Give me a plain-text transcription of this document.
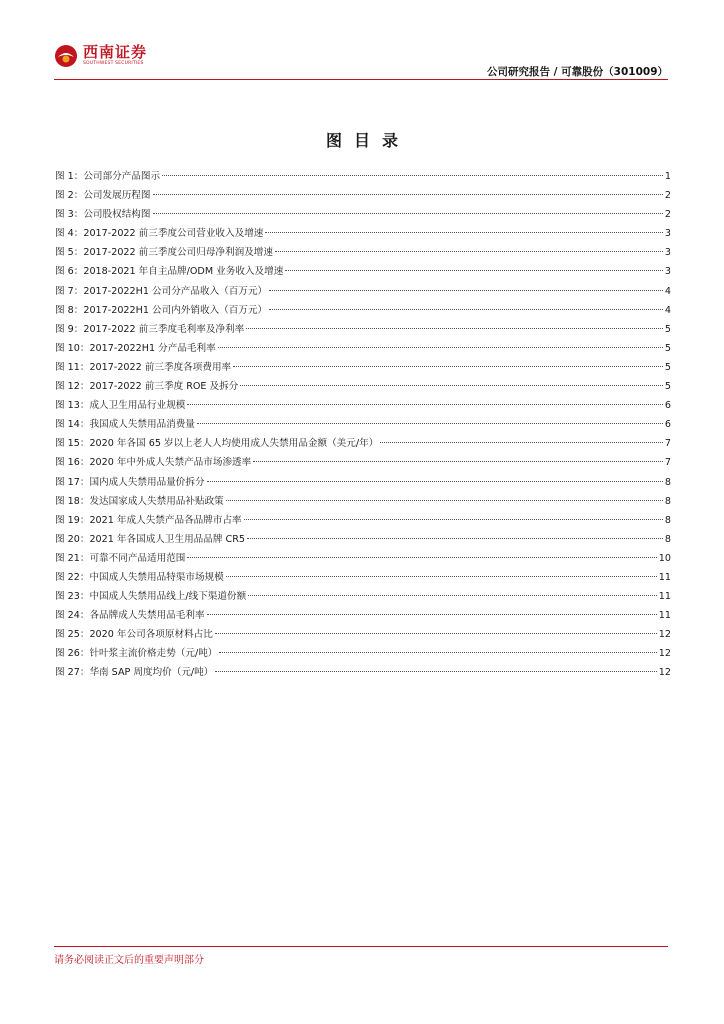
西南证券
SOUTHWEST SECURITIES
公司研究报告 / 可靠股份（301009）
图目录
图 1：公司部分产品图示	1
图 2：公司发展历程图	2
图 3：公司股权结构图	2
图 4：2017-2022 前三季度公司营业收入及增速	3
图 5：2017-2022 前三季度公司归母净利润及增速	3
图 6：2018-2021 年自主品牌/ODM 业务收入及增速	3
图 7：2017-2022H1 公司分产品收入（百万元）	4
图 8：2017-2022H1 公司内外销收入（百万元）	4
图 9：2017-2022 前三季度毛利率及净利率	5
图 10：2017-2022H1 分产品毛利率	5
图 11：2017-2022 前三季度各项费用率	5
图 12：2017-2022 前三季度 ROE 及拆分	5
图 13：成人卫生用品行业规模	6
图 14：我国成人失禁用品消费量	6
图 15：2020 年各国 65 岁以上老人人均使用成人失禁用品金额（美元/年）	7
图 16：2020 年中外成人失禁产品市场渗透率	7
图 17：国内成人失禁用品量价拆分	8
图 18：发达国家成人失禁用品补贴政策	8
图 19：2021 年成人失禁产品各品牌市占率	8
图 20：2021 年各国成人卫生用品品牌 CR5	8
图 21：可靠不同产品适用范围	10
图 22：中国成人失禁用品特渠市场规模	11
图 23：中国成人失禁用品线上/线下渠道份额	11
图 24：各品牌成人失禁用品毛利率	11
图 25：2020 年公司各项原材料占比	12
图 26：针叶浆主流价格走势（元/吨）	12
图 27：华南 SAP 周度均价（元/吨）	12
请务必阅读正文后的重要声明部分
